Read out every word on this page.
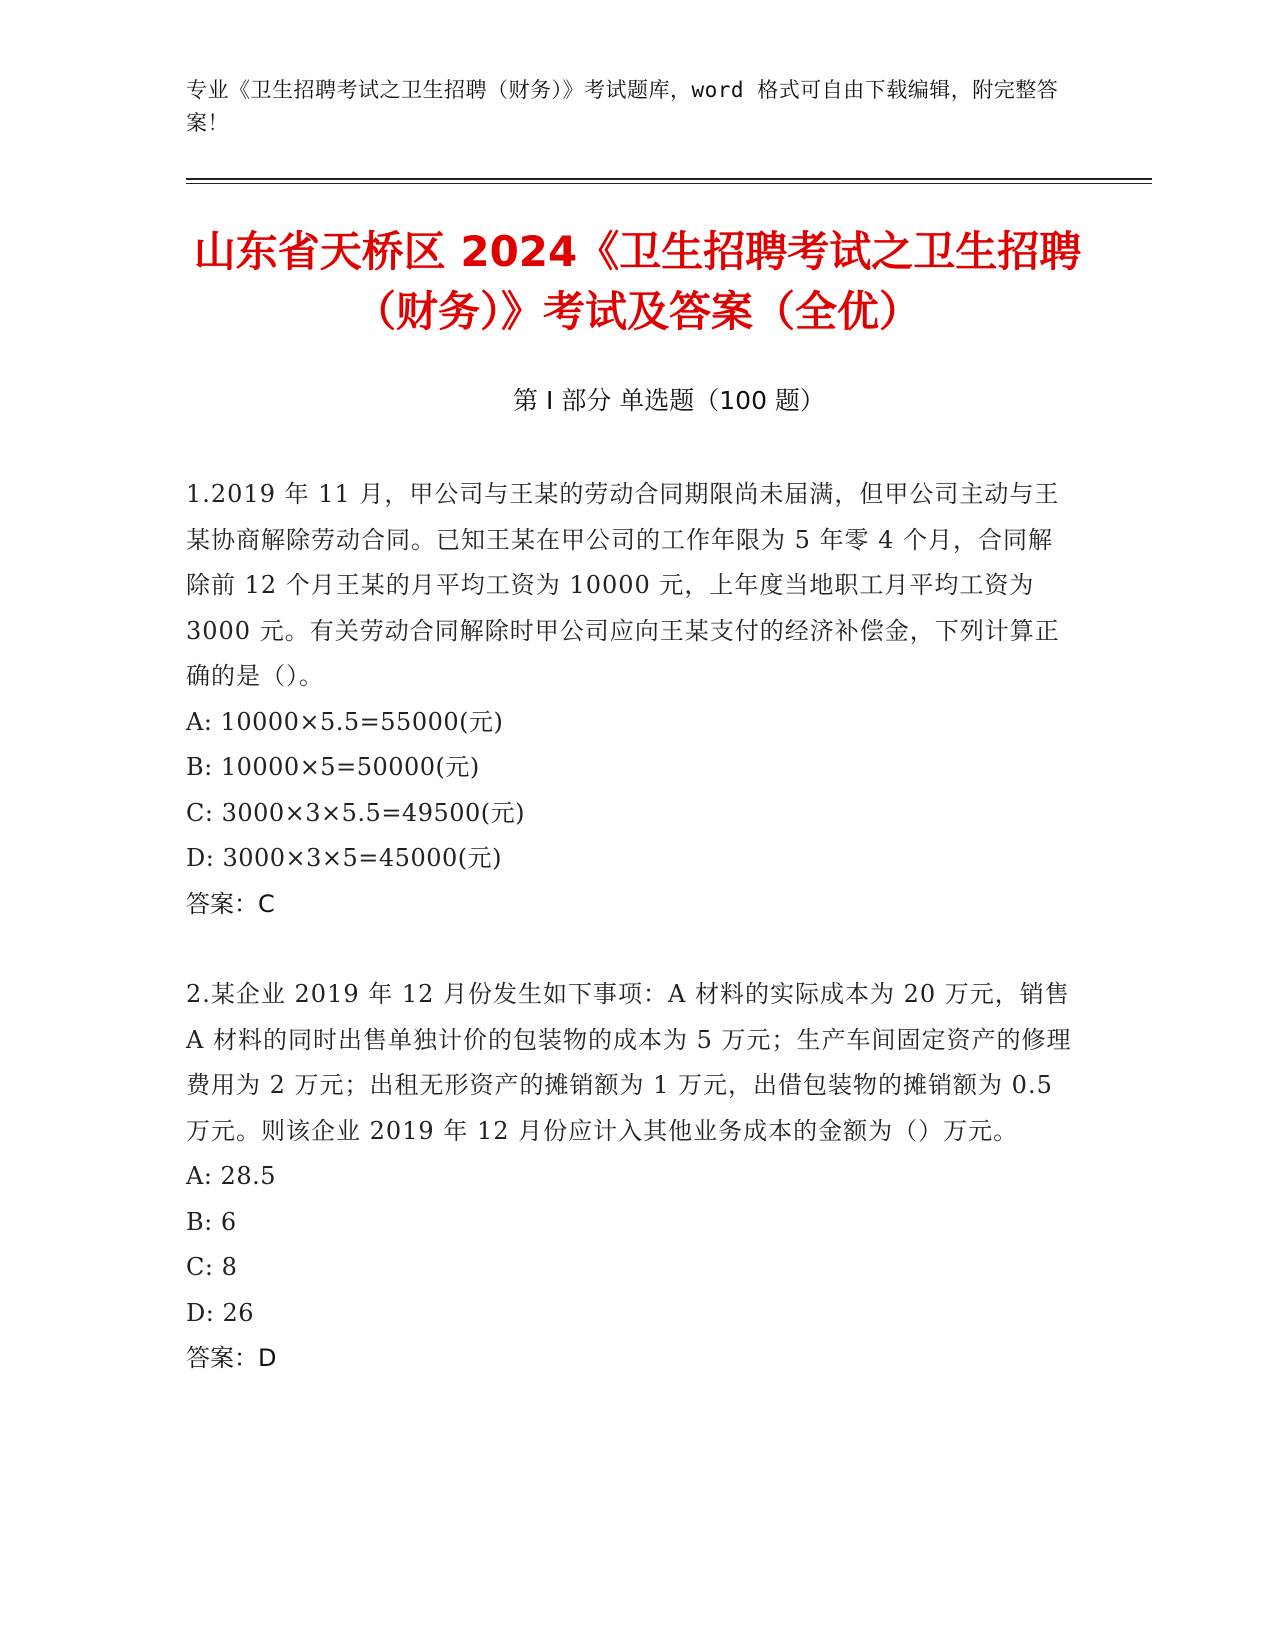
专业《卫生招聘考试之卫生招聘（财务）》考试题库，word 格式可自由下载编辑，附完整答案！
山东省天桥区 2024《卫生招聘考试之卫生招聘（财务）》考试及答案（全优）
第 I 部分 单选题（100 题）
1.2019 年 11 月，甲公司与王某的劳动合同期限尚未届满，但甲公司主动与王某协商解除劳动合同。已知王某在甲公司的工作年限为 5 年零 4 个月，合同解除前 12 个月王某的月平均工资为 10000 元，上年度当地职工月平均工资为 3000 元。有关劳动合同解除时甲公司应向王某支付的经济补偿金，下列计算正确的是（）。
A: 10000×5.5=55000(元)
B: 10000×5=50000(元)
C: 3000×3×5.5=49500(元)
D: 3000×3×5=45000(元)
答案：C
2.某企业 2019 年 12 月份发生如下事项：A 材料的实际成本为 20 万元，销售 A 材料的同时出售单独计价的包装物的成本为 5 万元；生产车间固定资产的修理费用为 2 万元；出租无形资产的摊销额为 1 万元，出借包装物的摊销额为 0.5 万元。则该企业 2019 年 12 月份应计入其他业务成本的金额为（）万元。
A: 28.5
B: 6
C: 8
D: 26
答案：D
